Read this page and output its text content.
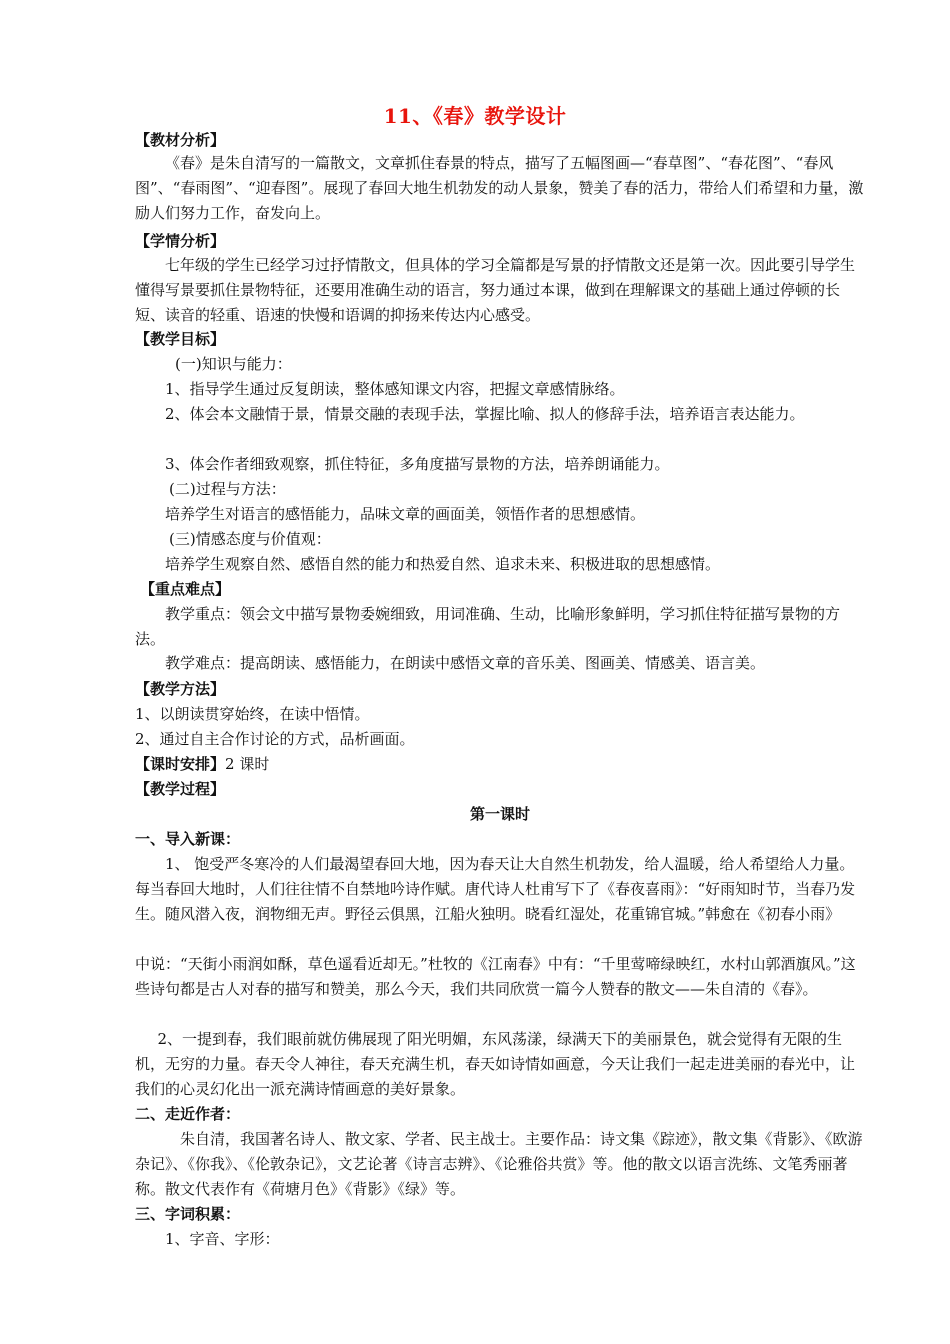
11、《春》教学设计
【教材分析】

《春》是朱自清写的一篇散文，文章抓住春景的特点，描写了五幅图画—“春草图”、“春花图”、“春风图”、“春雨图”、“迎春图”。展现了春回大地生机勃发的动人景象，赞美了春的活力，带给人们希望和力量，激励人们努力工作，奋发向上。

【学情分析】

七年级的学生已经学习过抒情散文，但具体的学习全篇都是写景的抒情散文还是第一次。因此要引导学生懂得写景要抓住景物特征，还要用准确生动的语言，努力通过本课，做到在理解课文的基础上通过停顿的长短、读音的轻重、语速的快慢和语调的抑扬来传达内心感受。

【教学目标】
(一)知识与能力：

1、指导学生通过反复朗读，整体感知课文内容，把握文章感情脉络。

2、体会本文融情于景，情景交融的表现手法，掌握比喻、拟人的修辞手法，培养语言表达能力。

3、体会作者细致观察，抓住特征，多角度描写景物的方法，培养朗诵能力。

(二)过程与方法：

培养学生对语言的感悟能力，品味文章的画面美，领悟作者的思想感情。

(三)情感态度与价值观：

培养学生观察自然、感悟自然的能力和热爱自然、追求未来、积极进取的思想感情。

【重点难点】

教学重点：领会文中描写景物委婉细致，用词准确、生动，比喻形象鲜明，学习抓住特征描写景物的方法。

教学难点：提高朗读、感悟能力，在朗读中感悟文章的音乐美、图画美、情感美、语言美。

【教学方法】
1、以朗读贯穿始终，在读中悟情。
2、通过自主合作讨论的方式，品析画面。
【课时安排】2 课时
【教学过程】
第一课时
一、导入新课：

1、 饱受严冬寒冷的人们最渴望春回大地，因为春天让大自然生机勃发，给人温暖，给人希望给人力量。每当春回大地时，人们往往情不自禁地吟诗作赋。唐代诗人杜甫写下了《春夜喜雨》：“好雨知时节，当春乃发生。随风潜入夜，润物细无声。野径云俱黑，江船火独明。晓看红湿处，花重锦官城。”韩愈在《初春小雨》

中说：“天街小雨润如酥，草色遥看近却无。”杜牧的《江南春》中有：“千里莺啼绿映红，水村山郭酒旗风。”这些诗句都是古人对春的描写和赞美，那么今天，我们共同欣赏一篇今人赞春的散文——朱自清的《春》。

2、一提到春，我们眼前就仿佛展现了阳光明媚，东风荡漾，绿满天下的美丽景色，就会觉得有无限的生机，无穷的力量。春天令人神往，春天充满生机，春天如诗情如画意，今天让我们一起走进美丽的春光中，让我们的心灵幻化出一派充满诗情画意的美好景象。

二、走近作者：

朱自清，我国著名诗人、散文家、学者、民主战士。主要作品：诗文集《踪迹》，散文集《背影》、《欧游杂记》、《你我》、《伦敦杂记》，文艺论著《诗言志辨》、《论雅俗共赏》等。他的散文以语言洗练、文笔秀丽著称。散文代表作有《荷塘月色》《背影》《绿》等。

三、字词积累：
1、字音、字形：
